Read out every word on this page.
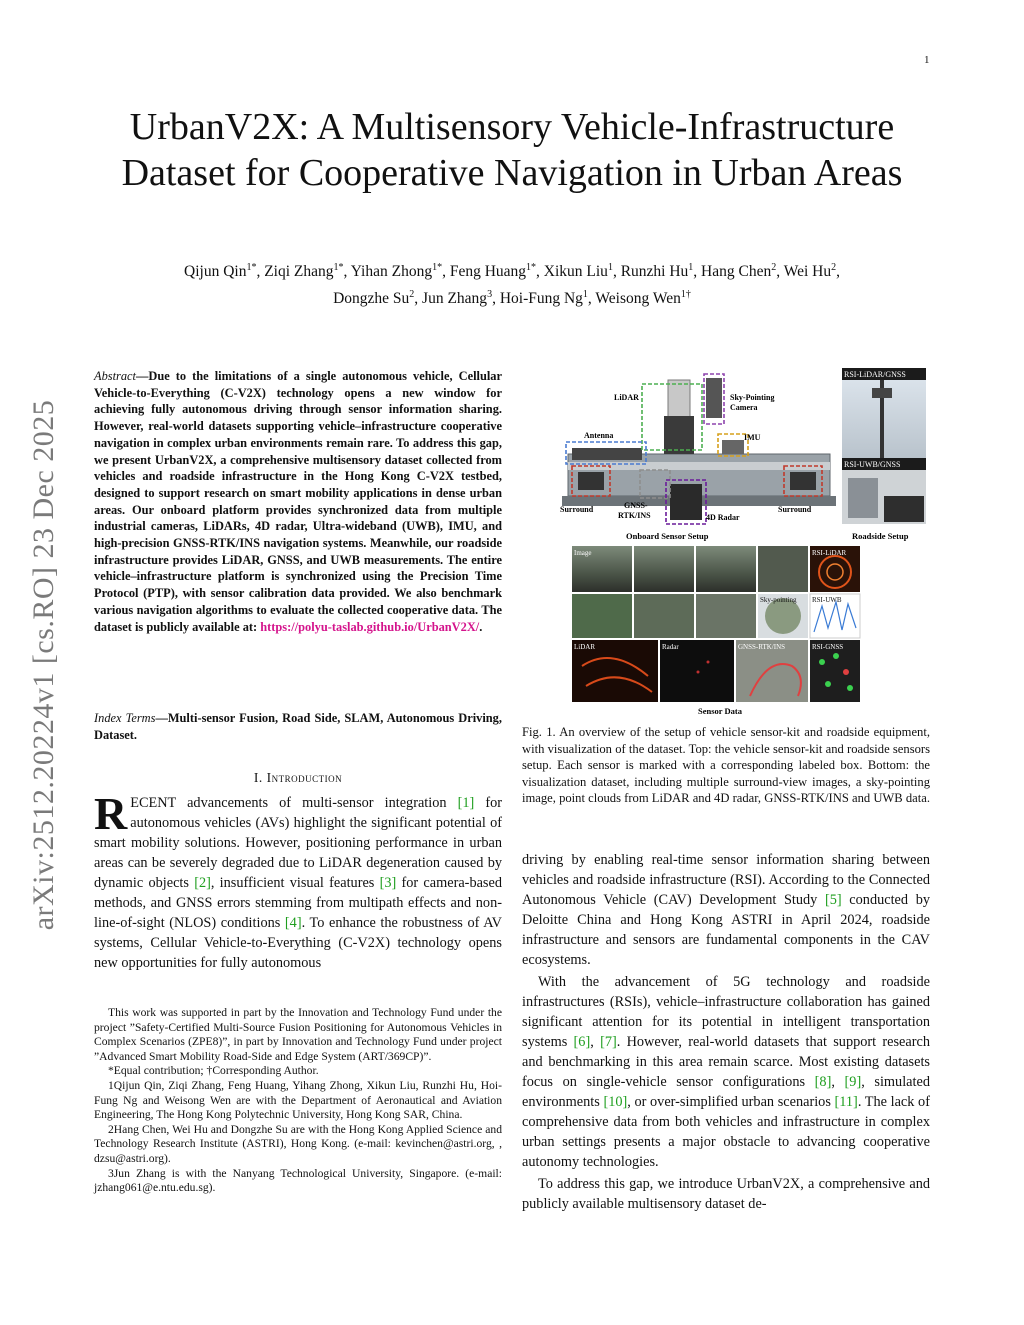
1
arXiv:2512.20224v1 [cs.RO] 23 Dec 2025
UrbanV2X: A Multisensory Vehicle-Infrastructure Dataset for Cooperative Navigation in Urban Areas
Qijun Qin$^{1*}$, Ziqi Zhang$^{1*}$, Yihan Zhong$^{1*}$, Feng Huang$^{1*}$, Xikun Liu$^1$, Runzhi Hu$^1$, Hang Chen$^2$, Wei Hu$^2$,
Dongzhe Su$^2$, Jun Zhang$^3$, Hoi-Fung Ng$^1$, Weisong Wen$^{1\dagger}$
Abstract—Due to the limitations of a single autonomous vehicle, Cellular Vehicle-to-Everything (C-V2X) technology opens a new window for achieving fully autonomous driving through sensor information sharing. However, real-world datasets supporting vehicle–infrastructure cooperative navigation in complex urban environments remain rare. To address this gap, we present UrbanV2X, a comprehensive multisensory dataset collected from vehicles and roadside infrastructure in the Hong Kong C-V2X testbed, designed to support research on smart mobility applications in dense urban areas. Our onboard platform provides synchronized data from multiple industrial cameras, LiDARs, 4D radar, Ultra-wideband (UWB), IMU, and high-precision GNSS-RTK/INS navigation systems. Meanwhile, our roadside infrastructure provides LiDAR, GNSS, and UWB measurements. The entire vehicle–infrastructure platform is synchronized using the Precision Time Protocol (PTP), with sensor calibration data provided. We also benchmark various navigation algorithms to evaluate the collected cooperative data. The dataset is publicly available at: https://polyu-taslab.github.io/UrbanV2X/.
Index Terms—Multi-sensor Fusion, Road Side, SLAM, Autonomous Driving, Dataset.
I. Introduction
RECENT advancements of multi-sensor integration [1] for autonomous vehicles (AVs) highlight the significant potential of smart mobility solutions. However, positioning performance in urban areas can be severely degraded due to LiDAR degeneration caused by dynamic objects [2], insufficient visual features [3] for camera-based methods, and GNSS errors stemming from multipath effects and non-line-of-sight (NLOS) conditions [4]. To enhance the robustness of AV systems, Cellular Vehicle-to-Everything (C-V2X) technology opens new opportunities for fully autonomous

This work was supported in part by the Innovation and Technology Fund under the project ”Safety-Certified Multi-Source Fusion Positioning for Autonomous Vehicles in Complex Scenarios (ZPE8)”, in part by Innovation and Technology Fund under project ”Advanced Smart Mobility Road-Side and Edge System (ART/369CP)”.

*Equal contribution; †Corresponding Author.

1Qijun Qin, Ziqi Zhang, Feng Huang, Yihang Zhong, Xikun Liu, Runzhi Hu, Hoi-Fung Ng and Weisong Wen are with the Department of Aeronautical and Aviation Engineering, The Hong Kong Polytechnic University, Hong Kong SAR, China.

2Hang Chen, Wei Hu and Dongzhe Su are with the Hong Kong Applied Science and Technology Research Institute (ASTRI), Hong Kong. (e-mail: kevinchen@astri.org, , dzsu@astri.org).

3Jun Zhang is with the Nanyang Technological University, Singapore. (e-mail: jzhang061@e.ntu.edu.sg).

LiDAR	Sky-Pointing Camera
Antenna	IMU
Surround	GNSS-RTK/INS	4D Radar
Surround
Onboard Sensor Setup
RSI-LiDAR/GNSS
RSI-UWB/GNSS
Roadside Setup
Image	RSI-LiDAR
Sky-pointing RSI-UWB
LiDAR	Radar	GNSS-RTK/INS	RSI-GNSS
Sensor Data
Fig. 1. An overview of the setup of vehicle sensor-kit and roadside equipment, with visualization of the dataset. Top: the vehicle sensor-kit and roadside sensors setup. Each sensor is marked with a corresponding labeled box. Bottom: the visualization dataset, including multiple surround-view images, a sky-pointing image, point clouds from LiDAR and 4D radar, GNSS-RTK/INS and UWB data.

driving by enabling real-time sensor information sharing between vehicles and roadside infrastructure (RSI). According to the Connected Autonomous Vehicle (CAV) Development Study [5] conducted by Deloitte China and Hong Kong ASTRI in April 2024, roadside infrastructure and sensors are fundamental components in the CAV ecosystems.

With the advancement of 5G technology and roadside infrastructures (RSIs), vehicle–infrastructure collaboration has gained significant attention for its potential in intelligent transportation systems [6], [7]. However, real-world datasets that support research and benchmarking in this area remain scarce. Most existing datasets focus on single-vehicle sensor configurations [8], [9], simulated environments [10], or over-simplified urban scenarios [11]. The lack of comprehensive data from both vehicles and infrastructure in complex urban settings presents a major obstacle to advancing cooperative autonomy technologies.

To address this gap, we introduce UrbanV2X, a comprehensive and publicly available multisensory dataset de-
